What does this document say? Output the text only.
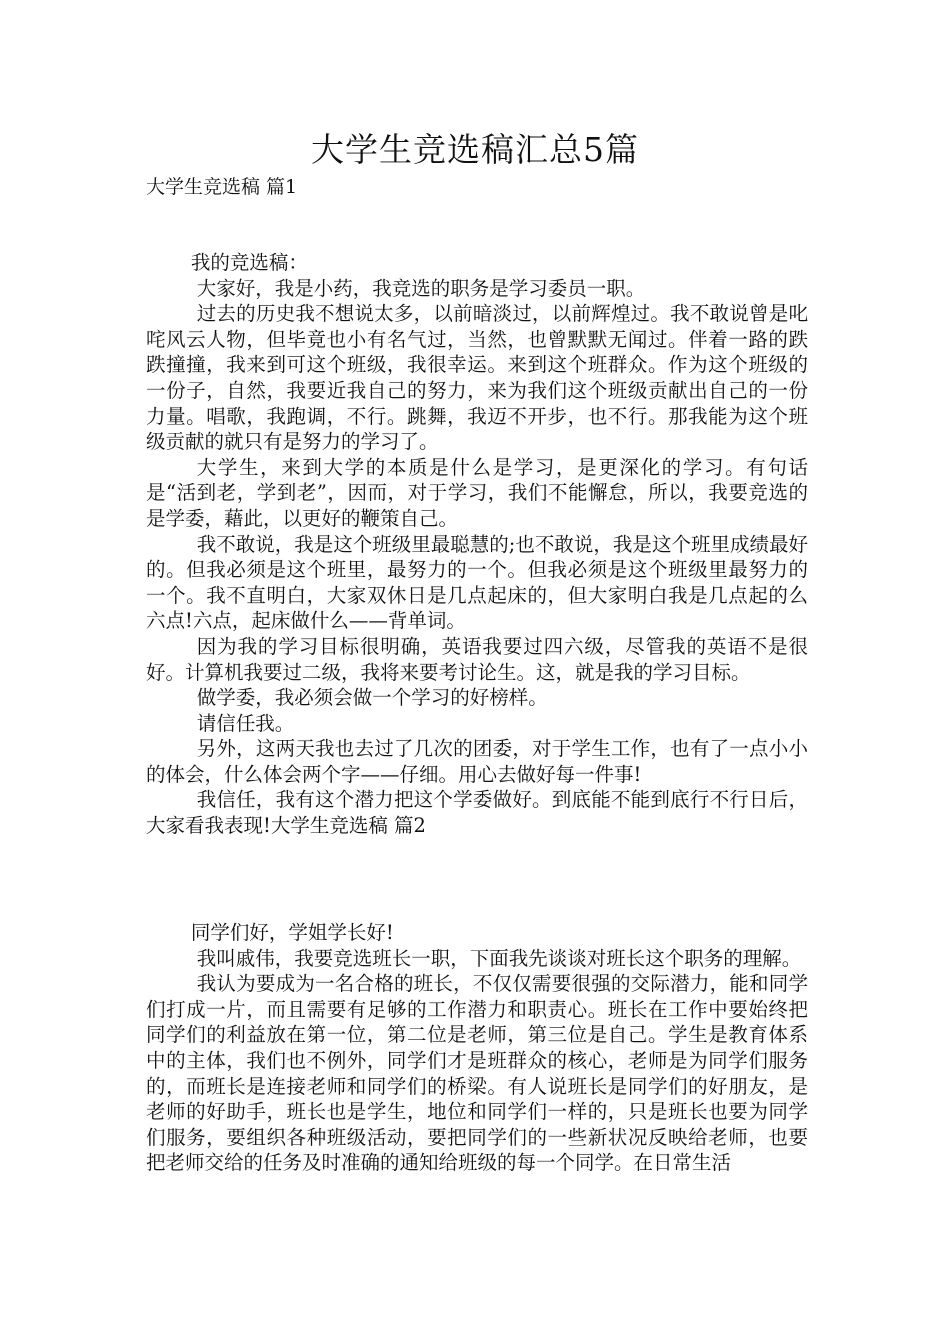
大学生竞选稿汇总5篇
大学生竞选稿 篇1

我的竞选稿：

大家好，我是小药，我竞选的职务是学习委员一职。

过去的历史我不想说太多，以前暗淡过，以前辉煌过。我不敢说曾是叱咤风云人物，但毕竟也小有名气过，当然，也曾默默无闻过。伴着一路的跌跌撞撞，我来到可这个班级，我很幸运。来到这个班群众。作为这个班级的一份子，自然，我要近我自己的努力，来为我们这个班级贡献出自己的一份力量。唱歌，我跑调，不行。跳舞，我迈不开步，也不行。那我能为这个班级贡献的就只有是努力的学习了。

大学生，来到大学的本质是什么是学习，是更深化的学习。有句话是“活到老，学到老”，因而，对于学习，我们不能懈怠，所以，我要竞选的是学委，藉此，以更好的鞭策自己。

我不敢说，我是这个班级里最聪慧的;也不敢说，我是这个班里成绩最好的。但我必须是这个班里，最努力的一个。但我必须是这个班级里最努力的一个。我不直明白，大家双休日是几点起床的，但大家明白我是几点起的么六点!六点，起床做什么——背单词。

因为我的学习目标很明确，英语我要过四六级，尽管我的英语不是很好。计算机我要过二级，我将来要考讨论生。这，就是我的学习目标。

做学委，我必须会做一个学习的好榜样。

请信任我。

另外，这两天我也去过了几次的团委，对于学生工作，也有了一点小小的体会，什么体会两个字——仔细。用心去做好每一件事!

我信任，我有这个潜力把这个学委做好。到底能不能到底行不行日后，大家看我表现!大学生竞选稿 篇2

同学们好，学姐学长好!

我叫戚伟，我要竞选班长一职，下面我先谈谈对班长这个职务的理解。

我认为要成为一名合格的班长，不仅仅需要很强的交际潜力，能和同学们打成一片，而且需要有足够的工作潜力和职责心。班长在工作中要始终把同学们的利益放在第一位，第二位是老师，第三位是自己。学生是教育体系中的主体，我们也不例外，同学们才是班群众的核心，老师是为同学们服务的，而班长是连接老师和同学们的桥梁。有人说班长是同学们的好朋友，是老师的好助手，班长也是学生，地位和同学们一样的，只是班长也要为同学们服务，要组织各种班级活动，要把同学们的一些新状况反映给老师，也要把老师交给的任务及时准确的通知给班级的每一个同学。在日常生活
